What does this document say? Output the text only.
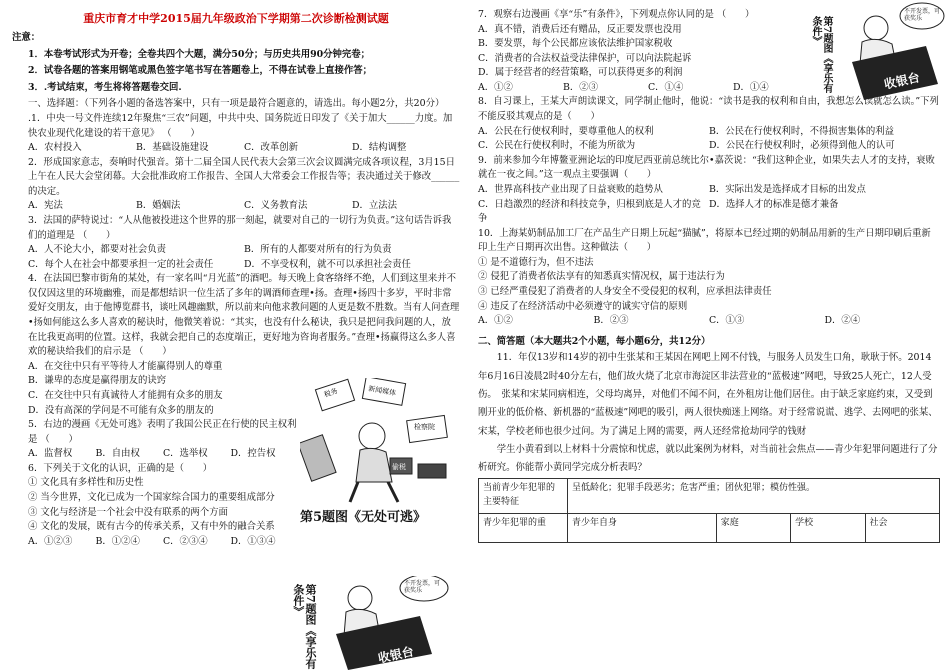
重庆市育才中学2015届九年级政治下学期第二次诊断检测试题

注意：

1．本卷考试形式为开卷；全卷共四个大题，满分50分；与历史共用90分钟完卷；

2．试卷各题的答案用钢笔或黑色签字笔书写在答题卷上，不得在试卷上直接作答；

3．.考试结束，考生将将答题卷交回.

一、选择题：（下列各小题的备选答案中，只有一项是最符合题意的，请选出。每小题2分，共20分）

.1．中央一号文件连续12年聚焦“三农”问题，中共中央、国务院近日印发了《关于加大______力度。加快农业现代化建设的若干意见》 （　　）

A．农村投入	B．基础设施建设	C．改革创新	D．结构调整

2．形成国家意志，奏响时代强音。第十二届全国人民代表大会第三次会议圆满完成各项议程，3月15日上午在人民大会堂闭幕。大会批准政府工作报告、全国人大常委会工作报告等；表决通过关于修改______的决定。

A．宪法	B．婚姻法	C．义务教育法	D．立法法

3．法国的萨特说过：“人从他被投进这个世界的那一刻起，就要对自己的一切行为负责。”这句话告诉我们的道理是 （　　）

A．人不论大小，都要对社会负责	B．所有的人都要对所有的行为负责
C．每个人在社会中都要承担一定的社会责任	D．不享受权利，就不可以承担社会责任

4．在法国巴黎市街角的某处，有一家名叫“月光蓝”的酒吧。每天晚上食客络绎不绝，人们到这里来并不仅仅因这里的环境幽雅，而是都想结识一位生活了多年的调酒师查理•扬。查理•扬四十多岁，平时非常爱好交朋友，由于他博览群书，谈吐风趣幽默，所以前来向他求教问题的人更是数不胜数。当有人问查理•扬如何能这么多人喜欢的秘诀时，他微笑着说：“其实，也没有什么秘诀，我只是把问我问题的人，放在比我更高明的位置。这样，我就会把自己的态度端正，更好地为咨询者服务。”查理•扬赢得这么多人喜欢的秘诀给我们的启示是 （　　）

A．在交往中只有平等待人才能赢得别人的尊重

B．谦卑的态度是赢得朋友的诀窍

C．在交往中只有真诚待人才能拥有众多的朋友

D．没有高深的学问是不可能有众多的朋友的

5．右边的漫画《无处可逃》表明了我国公民正在行使的民主权利是 （　　）

A．监督权	B．自由权	C．选举权	D．控告权

6．下列关于文化的认识，正确的是（　　）

① 文化具有多样性和历史性

② 当今世界，文化已成为一个国家综合国力的重要组成部分

③ 文化与经济是一个社会中没有联系的两个方面

④ 文化的发展，既有古今的传承关系，又有中外的融合关系

A．①②③	B．①②④	C．②③④	D．①③④
税务	新闻媒体
检察院
偷税
第5题图《无处可逃》
第7题图《享乐有条件》
收银台
不开发票，可获奖乐

7．观察右边漫画《享“乐”有条件》，下列观点你认同的是 （　　）

A．真不错，消费后还有赠品，反正要发票也没用

B．要发票，每个公民都应该依法维护国家税收

C．消费者的合法权益受法律保护，可以向法院起诉

D．属于经营者的经营策略，可以获得更多的利润

A．①②	B．②③	C．①④	D．①④	第7题图《享乐有条件》
收银台
不开发票，可获奖乐

8．自习课上，王某大声朗读课文，同学制止他时，他说：“读书是我的权利和自由，我想怎么读就怎么读。”下列不能反驳其观点的是（　　）

A．公民在行使权利时，要尊重他人的权利	B．公民在行使权利时，不得损害集体的利益
C．公民在行使权利时，不能为所欲为	D．公民在行使权利时，必须得到他人的认可

9．前来参加今年博鳌亚洲论坛的印度尼西亚前总统比尔•嘉茨说：“我们这种企业，如果失去人才的支持，衰败就在一夜之间。”这一观点主要强调（　　）

A．世界高科技产业出现了日益衰败的趋势从	B．实际出发是选择成才目标的出发点
C．日趋激烈的经济和科技竞争，归根到底是人才的竞争
D．选择人才的标准是德才兼备

10．上海某奶制品加工厂在产品生产日期上玩起“猫腻”，将原本已经过期的奶制品用新的生产日期印刷后重新印上生产日期再次出售。这种做法（　　）

① 是不道德行为，但不违法

② 侵犯了消费者依法享有的知悉真实情况权，属于违法行为

③ 已经严重侵犯了消费者的人身安全不受侵犯的权利，应承担法律责任

④ 违反了在经济活动中必须遵守的诚实守信的原则

A．①②	B．②③	C．①③	D．②④

二、简答题（本大题共2个小题，每小题6分，共12分）

11．年仅13岁和14岁的初中生张某和王某因在网吧上网不付钱，与服务人员发生口角，耿耿于怀。2014年6月16日凌晨2时40分左右，他们故火烧了北京市海淀区非法营业的“蓝极速”网吧，导致25人死亡，12人受伤。　张某和宋某同病相连，父母均离异，对他们不闻不问，在外租房让他们居住。由于缺乏家庭约束，又受到刚开业的低价格、新机器的“蓝极速”网吧的吸引，两人很快痴迷上网络。对于经常说谎、逃学、去网吧的张某、宋某，学校老师也很少过问。为了满足上网的需要，两人还经常抢劫同学的钱财

学生小黄看到以上材料十分震惊和忧虑，就以此案例为材料，对当前社会焦点——青少年犯罪问题进行了分析研究。你能帮小黄同学完成分析表吗？

当前青少年犯罪的主要特征	呈低龄化；犯罪手段恶劣；危害严重；团伙犯罪；模仿性强。			
青少年犯罪的重	青少年自身	家庭	学校	社会
